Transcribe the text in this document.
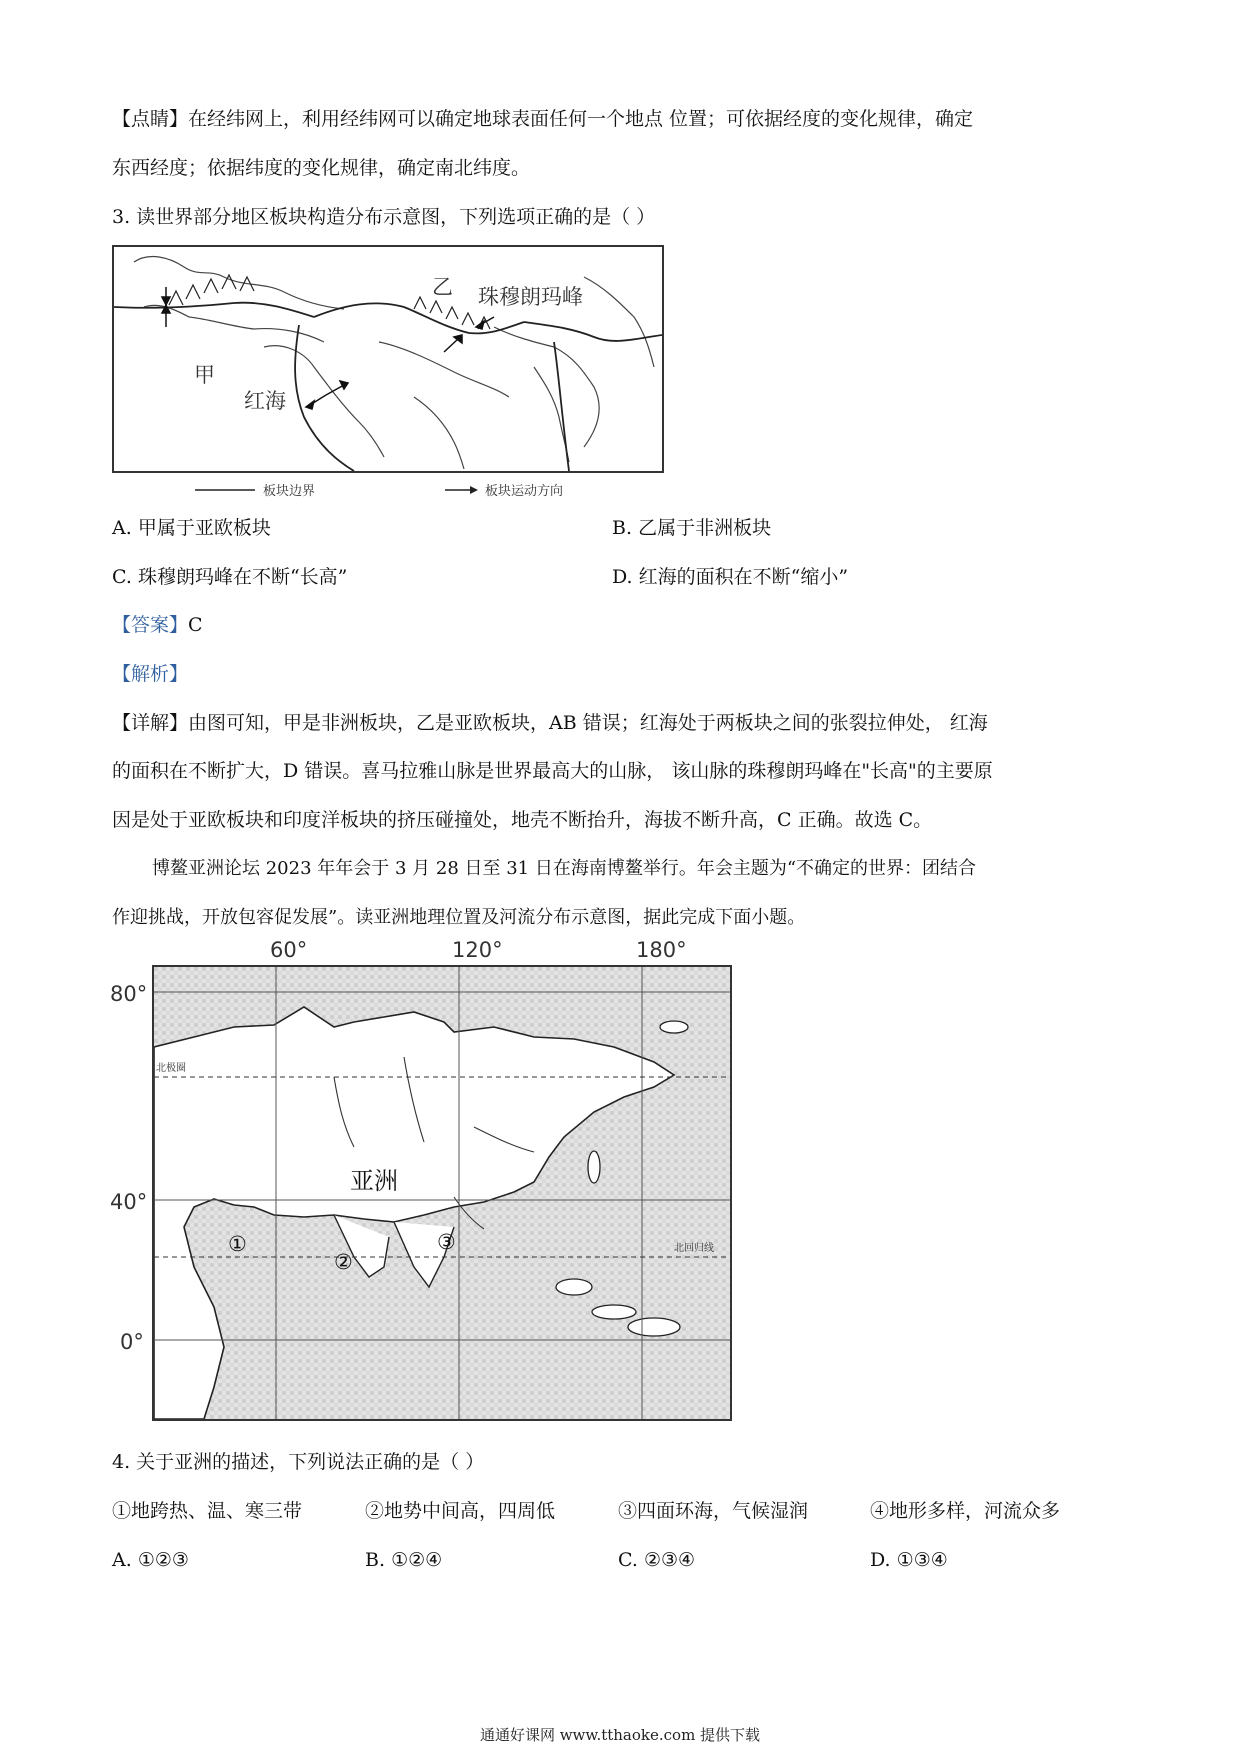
【点睛】在经纬网上，利用经纬网可以确定地球表面任何一个地点 位置；可依据经度的变化规律，确定
东西经度；依据纬度的变化规律，确定南北纬度。
3. 读世界部分地区板块构造分布示意图，下列选项正确的是（ ）
甲
红海
乙 珠穆朗玛峰
板块边界	板块运动方向
A. 甲属于亚欧板块	B. 乙属于非洲板块
C. 珠穆朗玛峰在不断“长高”	D. 红海的面积在不断“缩小”
【答案】C
【解析】
【详解】由图可知，甲是非洲板块，乙是亚欧板块，AB 错误；红海处于两板块之间的张裂拉伸处， 红海
的面积在不断扩大，D 错误。喜马拉雅山脉是世界最高大的山脉， 该山脉的珠穆朗玛峰在"长高"的主要原
因是处于亚欧板块和印度洋板块的挤压碰撞处，地壳不断抬升，海拔不断升高，C 正确。故选 C。
博鳌亚洲论坛 2023 年年会于 3 月 28 日至 31 日在海南博鳌举行。年会主题为“不确定的世界：团结合
作迎挑战，开放包容促发展”。读亚洲地理位置及河流分布示意图，据此完成下面小题。
60°	120°	180°
80°
40°
0°
北极圈
北回归线
亚洲
①
②
③
4. 关于亚洲的描述，下列说法正确的是（ ）
①地跨热、温、寒三带	②地势中间高，四周低	③四面环海，气候湿润	④地形多样，河流众多
A. ①②③	B. ①②④	C. ②③④	D. ①③④
通通好课网 www.tthaoke.com 提供下载
